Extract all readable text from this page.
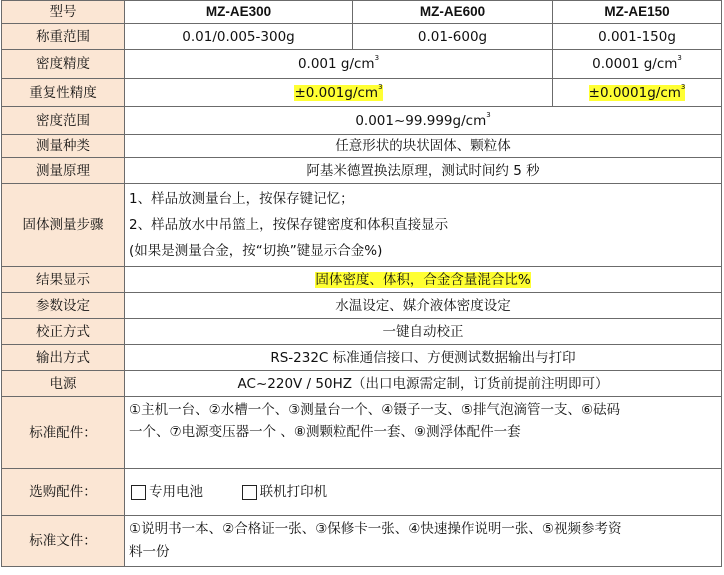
型号	MZ-AE300	MZ-AE600	MZ-AE150
称重范围	0.01/0.005-300g	0.01-600g	0.001-150g
密度精度	0.001 $g/cm^3$		0.0001 $g/cm^3$
重复性精度	$\pm 0.001g/cm^3$		$\pm 0.0001g/cm^3$
密度范围	$0.001\sim 99.999g/cm^3$
测量种类	任意形状的块状固体、颗粒体		
测量原理	阿基米德置换法原理，测试时间约 5 秒		
固体测量步骤	1、样品放测量台上，按保存键记忆；
2、样品放水中吊篮上，按保存键密度和体积直接显示
(如果是测量合金，按“切换”键显示合金%)		

结果显示	固体密度、体积，合金含量混合比%		
参数设定	水温设定、媒介液体密度设定		
校正方式	一键自动校正		
输出方式	RS-232C 标准通信接口、方便测试数据输出与打印		
电源	AC~220V / 50HZ（出口电源需定制，订货前提前注明即可）		
标准配件：	①主机一台、②水槽一个、③测量台一个、④镊子一支、⑤排气泡滴管一支、⑥砝码
一个、⑦电源变压器一个 、⑧测颗粒配件一套、⑨测浮体配件一套		

选购配件：	专用电池 联机打印机		
标准文件：	①说明书一本、②合格证一张、③保修卡一张、④快速操作说明一张、⑤视频参考资
料一份		
